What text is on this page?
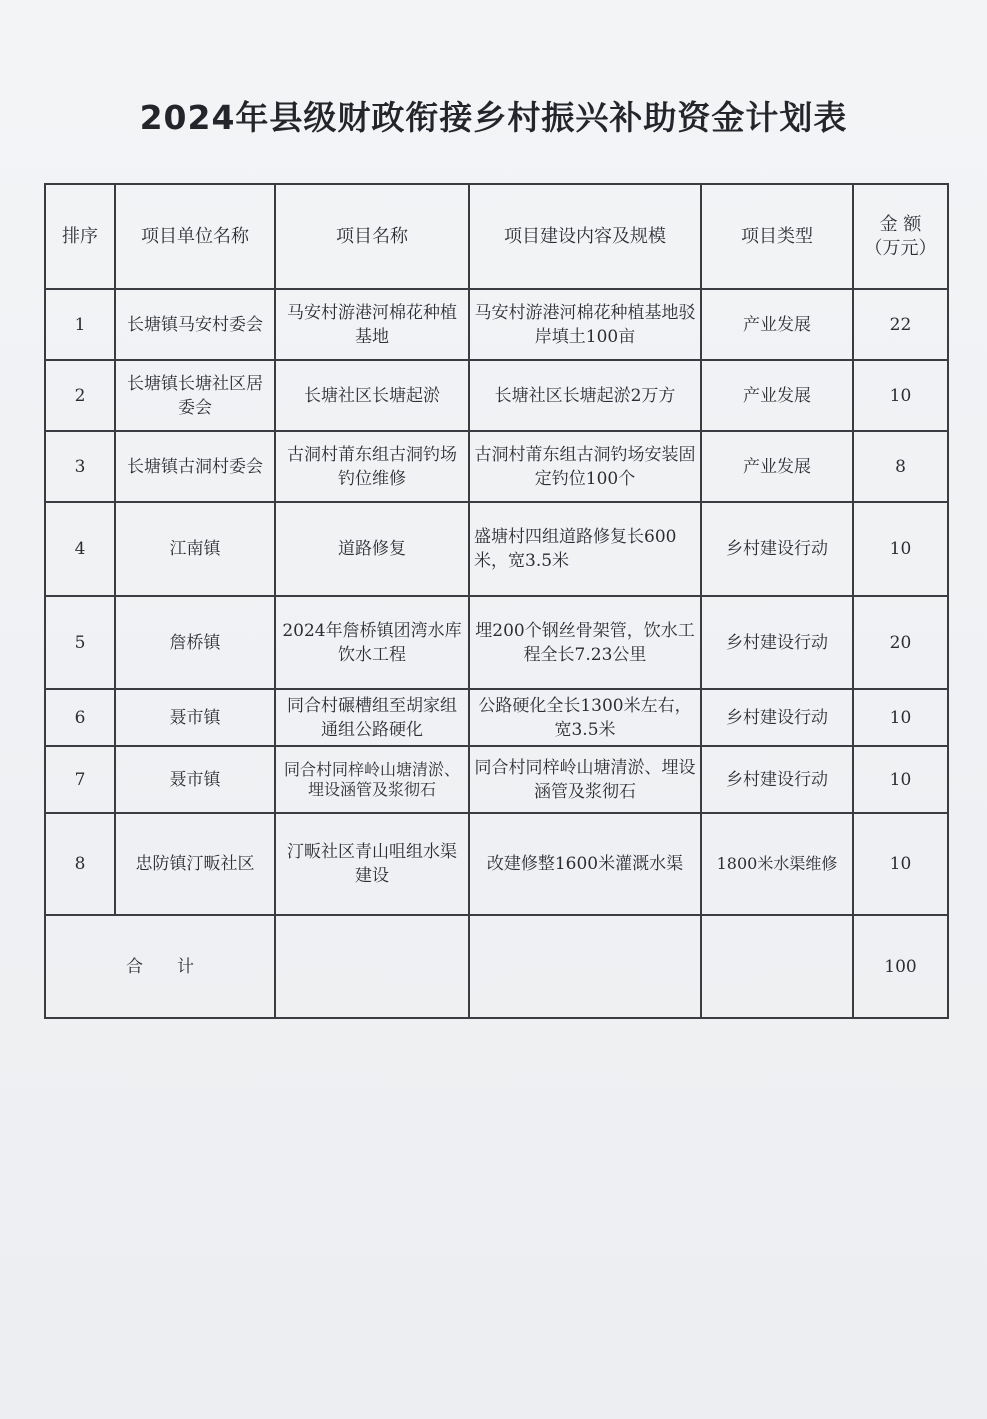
2024年县级财政衔接乡村振兴补助资金计划表
排序	项目单位名称	项目名称	项目建设内容及规模	项目类型	金 额
（万元）
1	长塘镇马安村委会	马安村游港河棉花种植基地	马安村游港河棉花种植基地驳岸填土100亩	产业发展	22
2	长塘镇长塘社区居委会	长塘社区长塘起淤	长塘社区长塘起淤2万方	产业发展	10
3	长塘镇古洞村委会	古洞村莆东组古洞钓场钓位维修	古洞村莆东组古洞钓场安装固定钓位100个	产业发展	8
4	江南镇	道路修复	盛塘村四组道路修复长600米，宽3.5米	乡村建设行动	10
5	詹桥镇	2024年詹桥镇团湾水库饮水工程	埋200个钢丝骨架管，饮水工程全长7.23公里	乡村建设行动	20
6	聂市镇	同合村碾槽组至胡家组通组公路硬化	公路硬化全长1300米左右，宽3.5米	乡村建设行动	10
7	聂市镇	同合村同梓岭山塘清淤、埋设涵管及浆彻石	同合村同梓岭山塘清淤、埋设涵管及浆彻石	乡村建设行动	10
8	忠防镇汀畈社区	汀畈社区青山咀组水渠建设	改建修整1600米灌溉水渠	1800米水渠维修	10
合　　计					100
